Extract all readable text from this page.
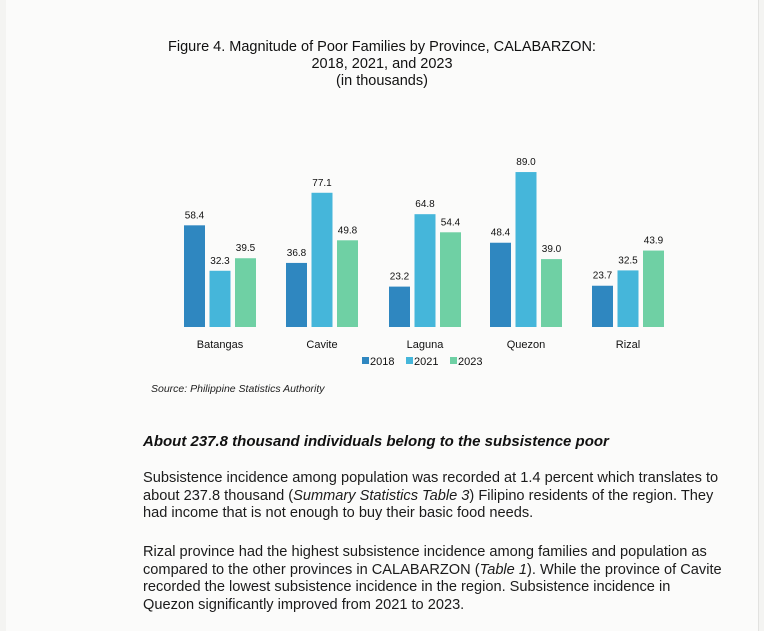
Figure 4. Magnitude of Poor Families by Province, CALABARZON:
2018, 2021, and 2023
(in thousands)
58.4
32.3
39.5
Batangas
36.8
77.1
49.8
Cavite
23.2
64.8
54.4
Laguna
48.4
89.0
39.0
Quezon
23.7
32.5
43.9
Rizal
2018 2021 2023
Source: Philippine Statistics Authority
About 237.8 thousand individuals belong to the subsistence poor
Subsistence incidence among population was recorded at 1.4 percent which translates to about 237.8 thousand (Summary Statistics Table 3) Filipino residents of the region. They had income that is not enough to buy their basic food needs.
Rizal province had the highest subsistence incidence among families and population as compared to the other provinces in CALABARZON (Table 1). While the province of Cavite recorded the lowest subsistence incidence in the region. Subsistence incidence in Quezon significantly improved from 2021 to 2023.
